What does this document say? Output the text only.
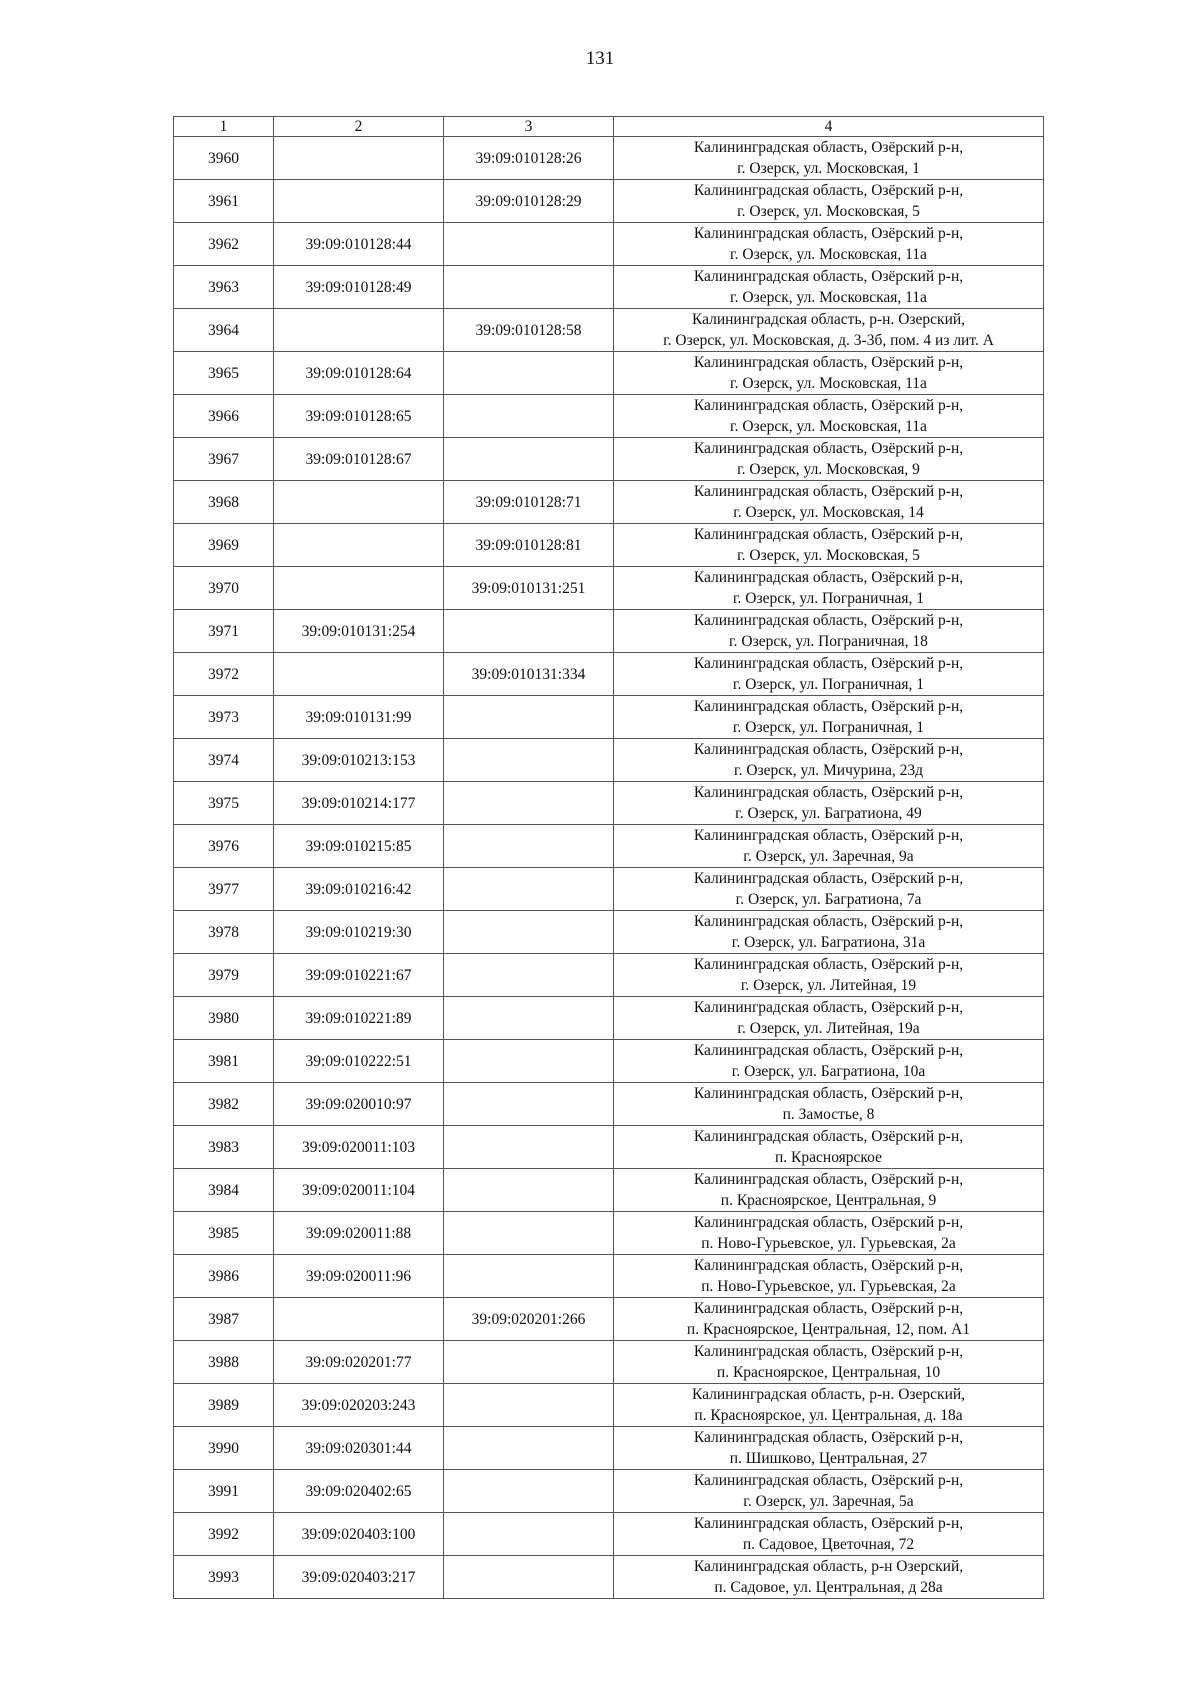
131
1	2	3	4
3960		39:09:010128:26	Калининградская область, Озёрский р-н,
г. Озерск, ул. Московская, 1

3961		39:09:010128:29	Калининградская область, Озёрский р-н,
г. Озерск, ул. Московская, 5

3962	39:09:010128:44		Калининградская область, Озёрский р-н,
г. Озерск, ул. Московская, 11а

3963	39:09:010128:49		Калининградская область, Озёрский р-н,
г. Озерск, ул. Московская, 11а

3964		39:09:010128:58	Калининградская область, р-н. Озерский,
г. Озерск, ул. Московская, д. 3-3б, пом. 4 из лит. А

3965	39:09:010128:64		Калининградская область, Озёрский р-н,
г. Озерск, ул. Московская, 11а

3966	39:09:010128:65		Калининградская область, Озёрский р-н,
г. Озерск, ул. Московская, 11а

3967	39:09:010128:67		Калининградская область, Озёрский р-н,
г. Озерск, ул. Московская, 9

3968		39:09:010128:71	Калининградская область, Озёрский р-н,
г. Озерск, ул. Московская, 14

3969		39:09:010128:81	Калининградская область, Озёрский р-н,
г. Озерск, ул. Московская, 5

3970		39:09:010131:251	Калининградская область, Озёрский р-н,
г. Озерск, ул. Пограничная, 1

3971	39:09:010131:254		Калининградская область, Озёрский р-н,
г. Озерск, ул. Пограничная, 18

3972		39:09:010131:334	Калининградская область, Озёрский р-н,
г. Озерск, ул. Пограничная, 1

3973	39:09:010131:99		Калининградская область, Озёрский р-н,
г. Озерск, ул. Пограничная, 1

3974	39:09:010213:153		Калининградская область, Озёрский р-н,
г. Озерск, ул. Мичурина, 23д

3975	39:09:010214:177		Калининградская область, Озёрский р-н,
г. Озерск, ул. Багратиона, 49

3976	39:09:010215:85		Калининградская область, Озёрский р-н,
г. Озерск, ул. Заречная, 9а

3977	39:09:010216:42		Калининградская область, Озёрский р-н,
г. Озерск, ул. Багратиона, 7а

3978	39:09:010219:30		Калининградская область, Озёрский р-н,
г. Озерск, ул. Багратиона, 31а

3979	39:09:010221:67		Калининградская область, Озёрский р-н,
г. Озерск, ул. Литейная, 19

3980	39:09:010221:89		Калининградская область, Озёрский р-н,
г. Озерск, ул. Литейная, 19а

3981	39:09:010222:51		Калининградская область, Озёрский р-н,
г. Озерск, ул. Багратиона, 10а

3982	39:09:020010:97		Калининградская область, Озёрский р-н,
п. Замостье, 8

3983	39:09:020011:103		Калининградская область, Озёрский р-н,
п. Красноярское

3984	39:09:020011:104		Калининградская область, Озёрский р-н,
п. Красноярское, Центральная, 9

3985	39:09:020011:88		Калининградская область, Озёрский р-н,
п. Ново-Гурьевское, ул. Гурьевская, 2а

3986	39:09:020011:96		Калининградская область, Озёрский р-н,
п. Ново-Гурьевское, ул. Гурьевская, 2а

3987		39:09:020201:266	Калининградская область, Озёрский р-н,
п. Красноярское, Центральная, 12, пом. А1

3988	39:09:020201:77		Калининградская область, Озёрский р-н,
п. Красноярское, Центральная, 10

3989	39:09:020203:243		Калининградская область, р-н. Озерский,
п. Красноярское, ул. Центральная, д. 18а

3990	39:09:020301:44		Калининградская область, Озёрский р-н,
п. Шишково, Центральная, 27

3991	39:09:020402:65		Калининградская область, Озёрский р-н,
г. Озерск, ул. Заречная, 5а

3992	39:09:020403:100		Калининградская область, Озёрский р-н,
п. Садовое, Цветочная, 72

3993	39:09:020403:217		Калининградская область, р-н Озерский,
п. Садовое, ул. Центральная, д 28а
